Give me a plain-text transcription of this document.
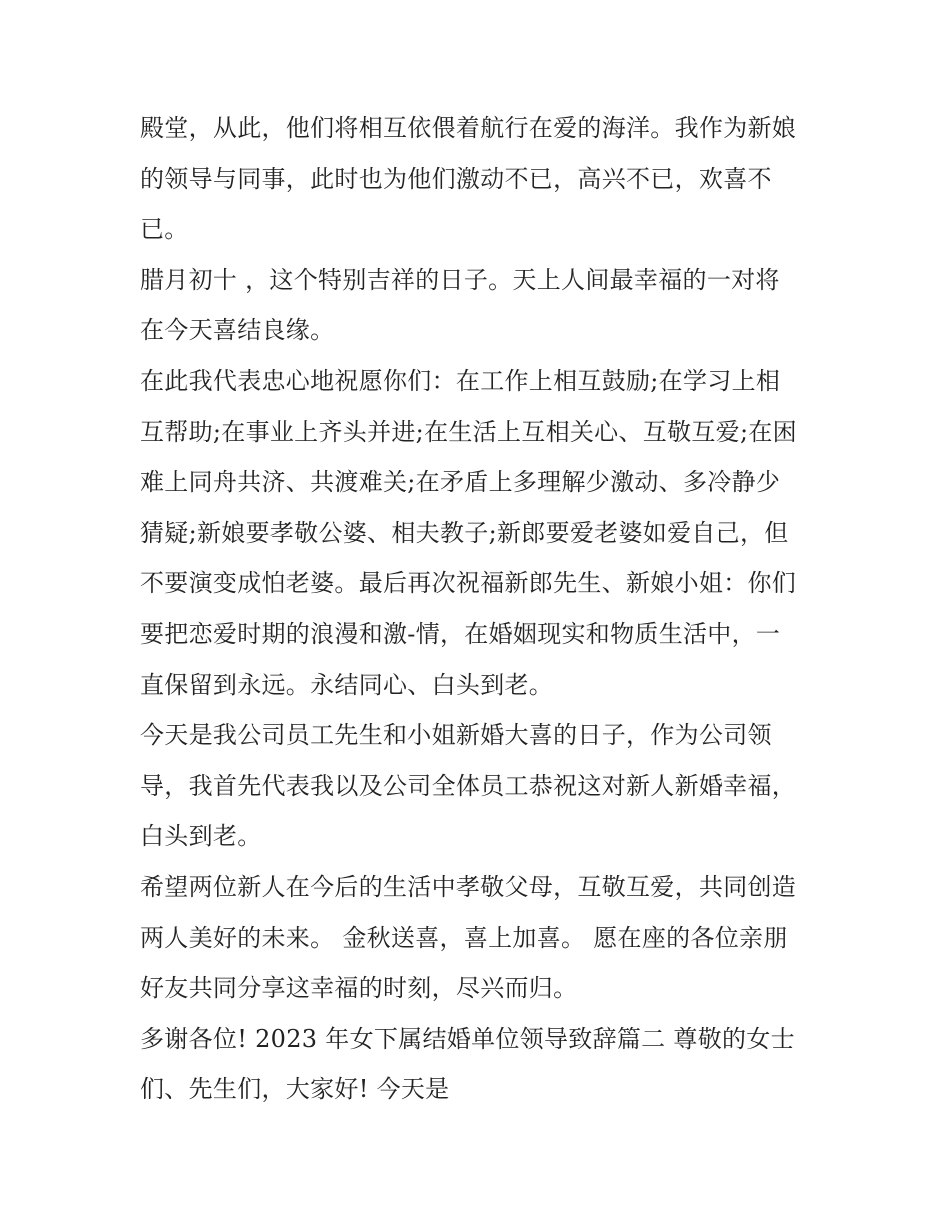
殿堂，从此，他们将相互依偎着航行在爱的海洋。我作为新娘
的领导与同事，此时也为他们激动不已，高兴不已，欢喜不
已。
腊月初十 ，这个特别吉祥的日子。天上人间最幸福的一对将
在今天喜结良缘。
在此我代表忠心地祝愿你们：在工作上相互鼓励;在学习上相
互帮助;在事业上齐头并进;在生活上互相关心、互敬互爱;在困
难上同舟共济、共渡难关;在矛盾上多理解少激动、多冷静少
猜疑;新娘要孝敬公婆、相夫教子;新郎要爱老婆如爱自己，但
不要演变成怕老婆。最后再次祝福新郎先生、新娘小姐：你们
要把恋爱时期的浪漫和激-情，在婚姻现实和物质生活中，一
直保留到永远。永结同心、白头到老。
今天是我公司员工先生和小姐新婚大喜的日子，作为公司领
导，我首先代表我以及公司全体员工恭祝这对新人新婚幸福，
白头到老。
希望两位新人在今后的生活中孝敬父母，互敬互爱，共同创造
两人美好的未来。 金秋送喜，喜上加喜。 愿在座的各位亲朋
好友共同分享这幸福的时刻，尽兴而归。
多谢各位! 2023 年女下属结婚单位领导致辞篇二 尊敬的女士
们、先生们，大家好! 今天是
